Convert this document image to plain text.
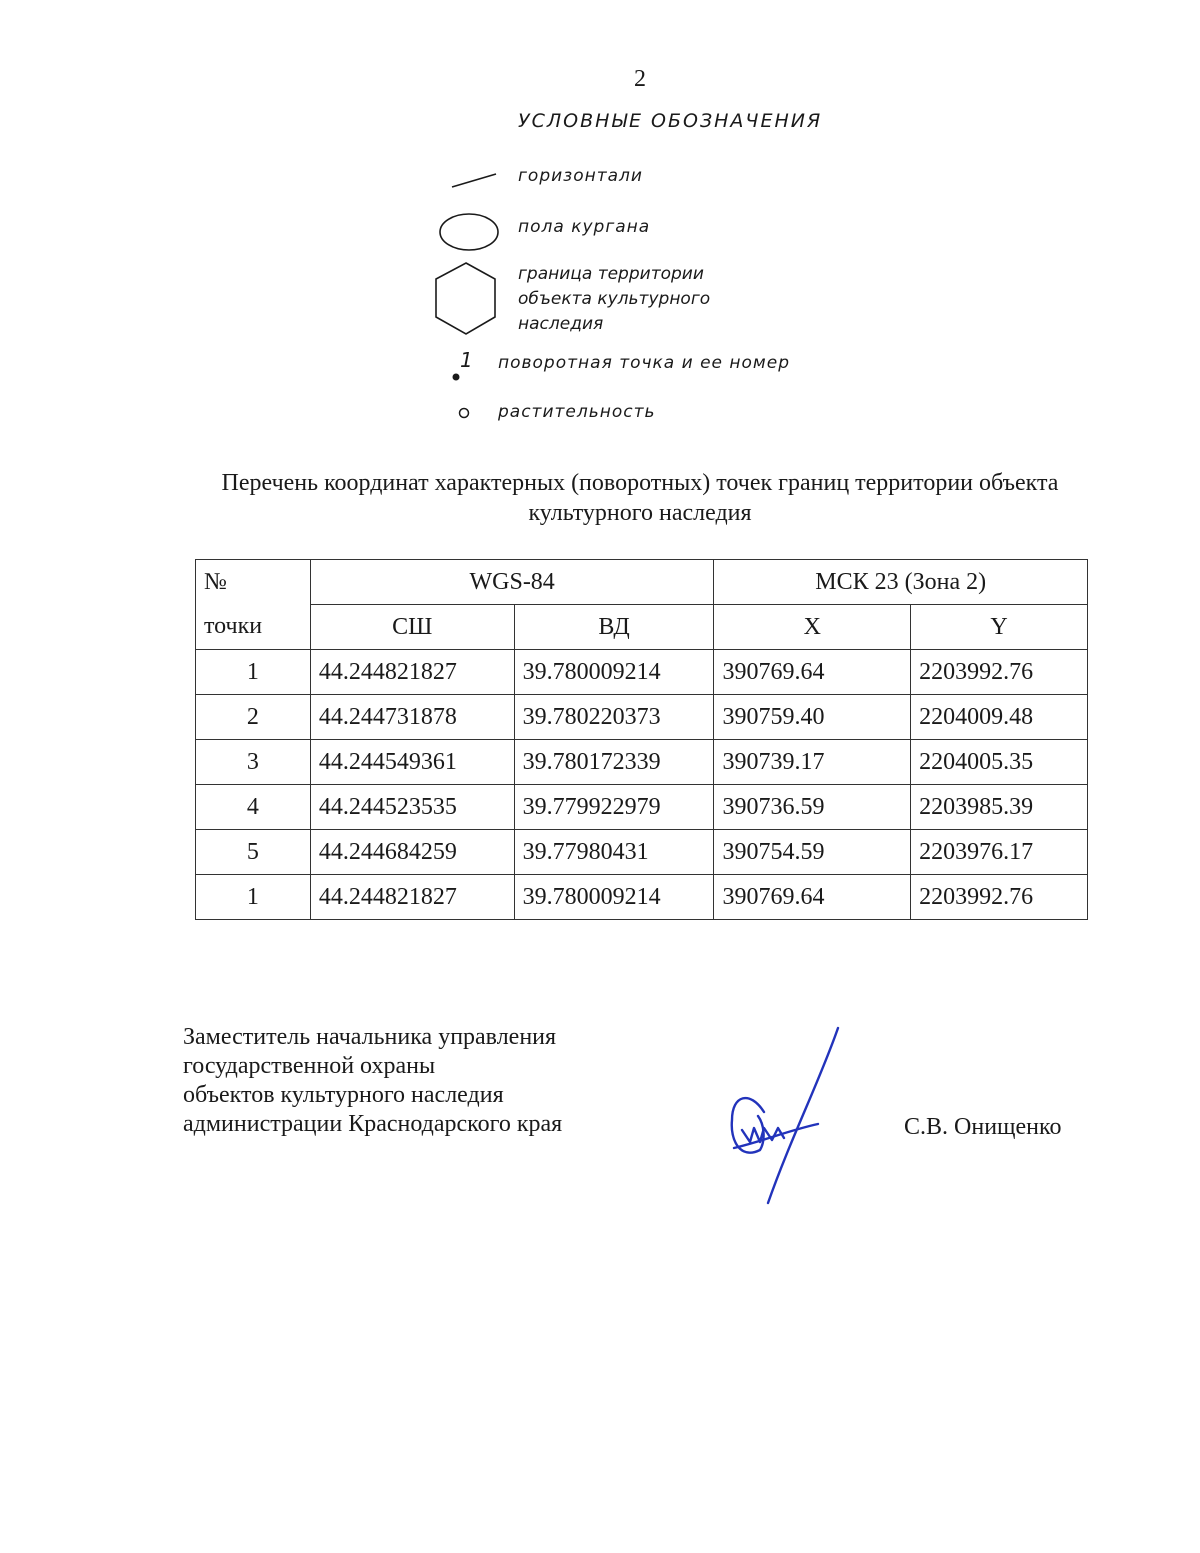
2
УСЛОВНЫЕ ОБОЗНАЧЕНИЯ
горизонтали
пола кургана
граница территории
объекта культурного
наследия
1 поворотная точка и ее номер
растительность
Перечень координат характерных (поворотных) точек границ территории объекта культурного наследия
№	WGS-84		МСК 23 (Зона 2)	
точки	СШ	ВД	X	Y
1	44.244821827	39.780009214	390769.64	2203992.76
2	44.244731878	39.780220373	390759.40	2204009.48
3	44.244549361	39.780172339	390739.17	2204005.35
4	44.244523535	39.779922979	390736.59	2203985.39
5	44.244684259	39.77980431	390754.59	2203976.17
1	44.244821827	39.780009214	390769.64	2203992.76
Заместитель начальника управления
государственной охраны
объектов культурного наследия
администрации Краснодарского края	С.В. Онищенко
